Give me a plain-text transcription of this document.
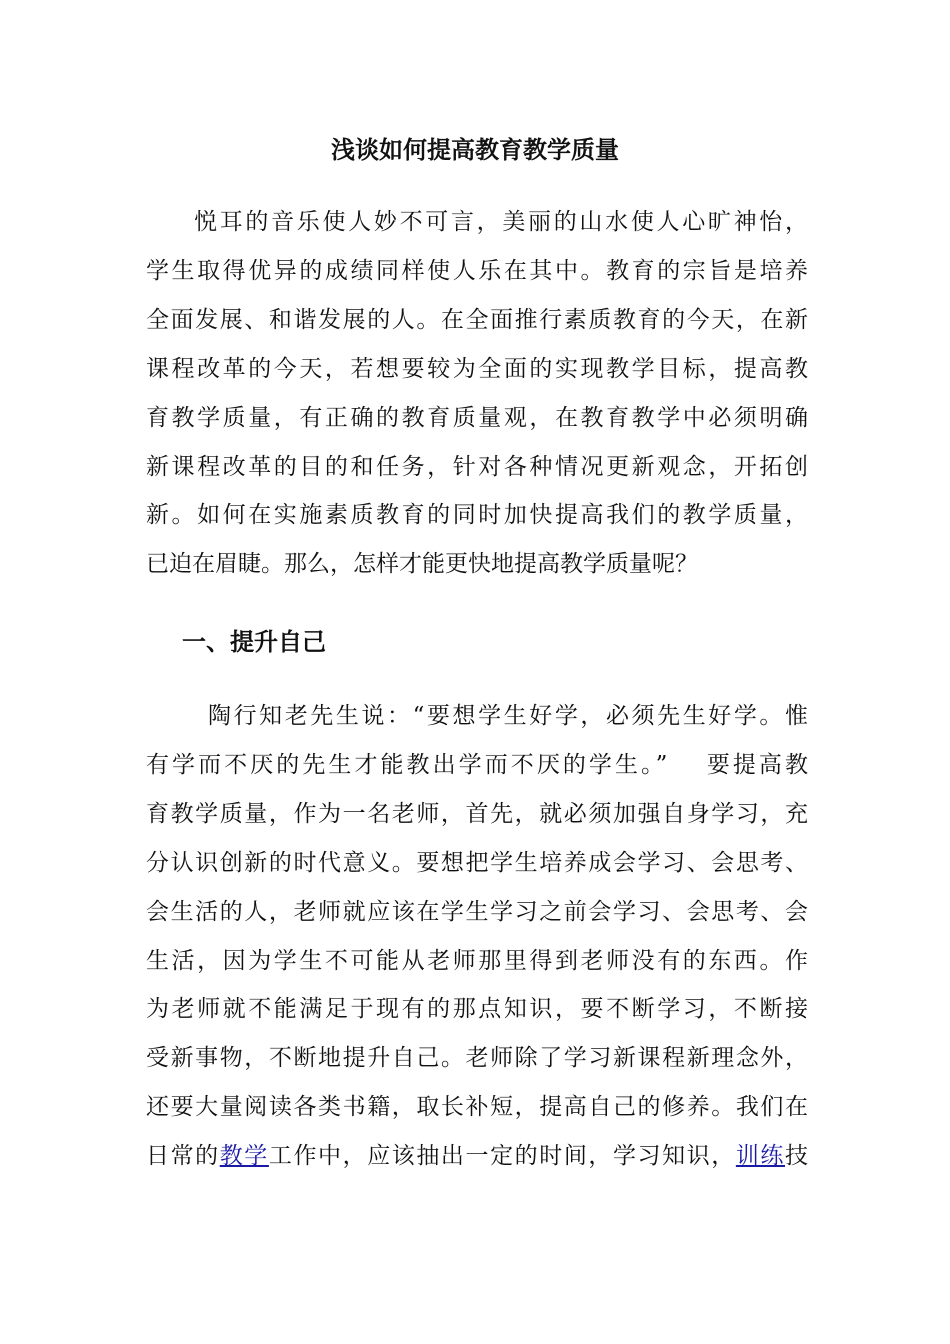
浅谈如何提高教育教学质量
悦耳的音乐使人妙不可言，美丽的山水使人心旷神怡，
学生取得优异的成绩同样使人乐在其中。教育的宗旨是培养
全面发展、和谐发展的人。在全面推行素质教育的今天，在新
课程改革的今天，若想要较为全面的实现教学目标，提高教
育教学质量，有正确的教育质量观，在教育教学中必须明确
新课程改革的目的和任务，针对各种情况更新观念，开拓创
新。如何在实施素质教育的同时加快提高我们的教学质量，
已迫在眉睫。那么，怎样才能更快地提高教学质量呢？
一、提升自己
陶行知老先生说：“要想学生好学，必须先生好学。惟
有学而不厌的先生才能教出学而不厌的学生。”　 要提高教
育教学质量，作为一名老师，首先，就必须加强自身学习，充
分认识创新的时代意义。要想把学生培养成会学习、会思考、
会生活的人，老师就应该在学生学习之前会学习、会思考、会
生活，因为学生不可能从老师那里得到老师没有的东西。作
为老师就不能满足于现有的那点知识，要不断学习，不断接
受新事物，不断地提升自己。老师除了学习新课程新理念外，
还要大量阅读各类书籍，取长补短，提高自己的修养。我们在
日常的教学工作中，应该抽出一定的时间，学习知识，训练技
